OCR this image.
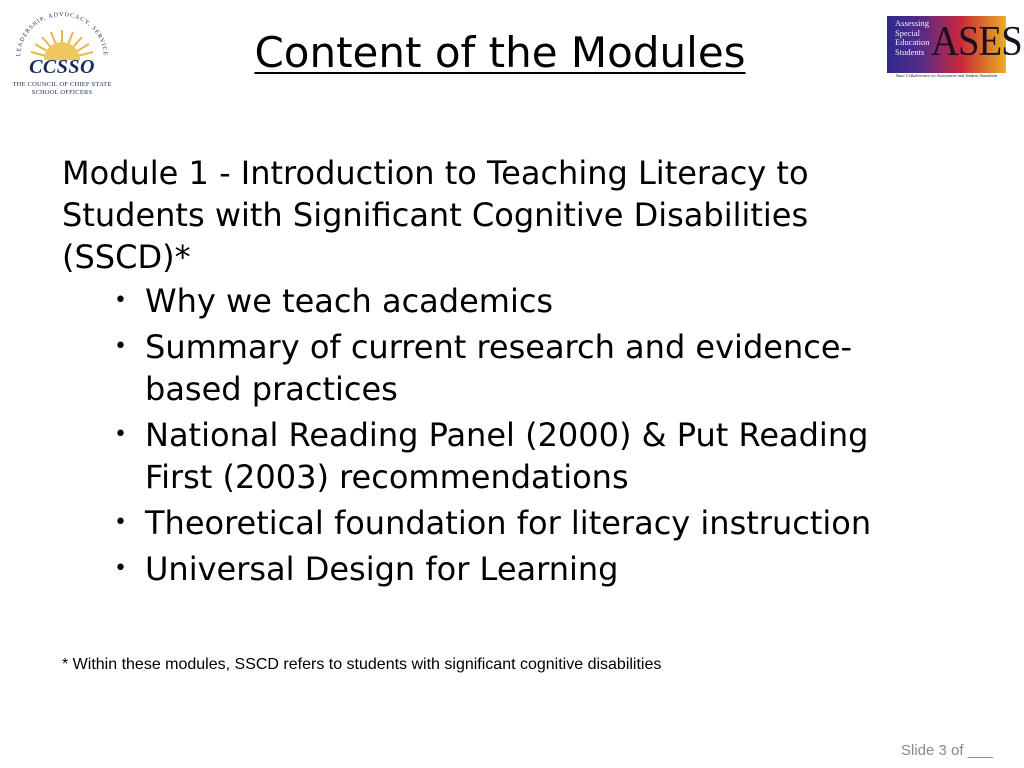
LEADERSHIP, ADVOCACY, SERVICE
CCSSO
THE COUNCIL OF CHIEF STATE
SCHOOL OFFICERS
Content of the Modules
Assessing
Special
Education
Students ASES
State Collaborative on Assessment and Student Standards
Module 1 - Introduction to Teaching Literacy to Students with Significant Cognitive Disabilities (SSCD)*
• Why we teach academics
• Summary of current research and evidence-based practices
• National Reading Panel (2000) & Put Reading First (2003) recommendations
• Theoretical foundation for literacy instruction
• Universal Design for Learning
* Within these modules, SSCD refers to students with significant cognitive disabilities
Slide 3 of ___
